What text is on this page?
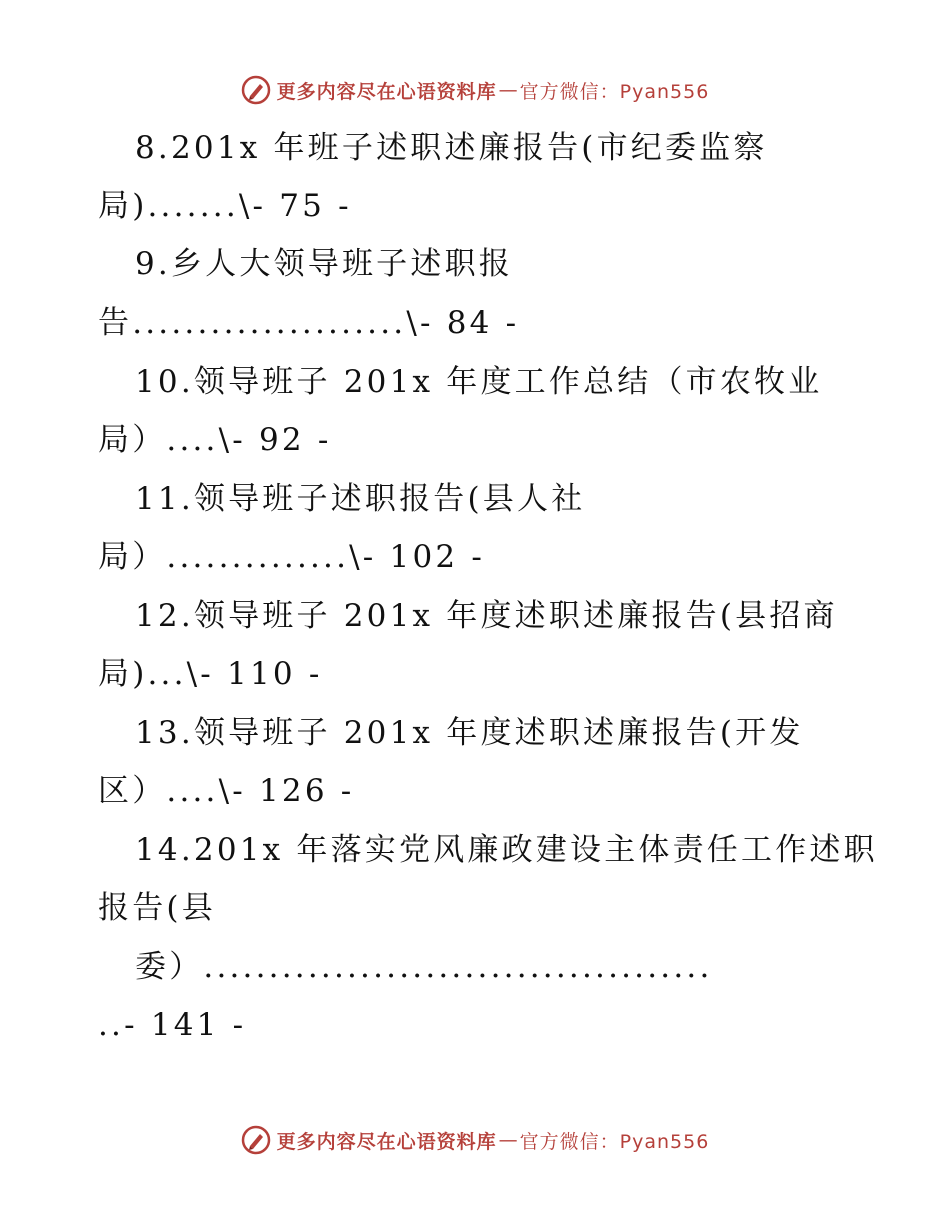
更多内容尽在心语资料库 — 官方微信：Pyan556
8.201x 年班子述职述廉报告(市纪委监察
局).......\- 75 -
9.乡人大领导班子述职报
告.....................\- 84 -
10.领导班子 201x 年度工作总结（市农牧业
局）....\- 92 -
11.领导班子述职报告(县人社
局）..............\- 102 -
12.领导班子 201x 年度述职述廉报告(县招商
局)...\- 110 -
13.领导班子 201x 年度述职述廉报告(开发
区）....\- 126 -
14.201x 年落实党风廉政建设主体责任工作述职
报告(县
委）.......................................
..- 141 -
更多内容尽在心语资料库 — 官方微信：Pyan556
